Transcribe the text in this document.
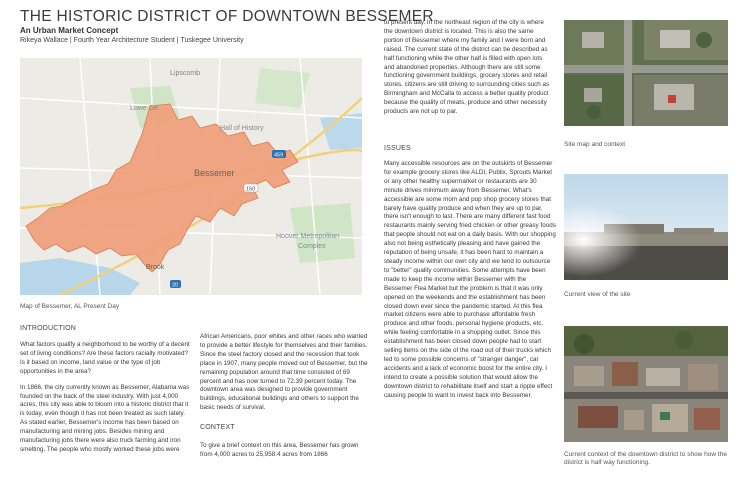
THE HISTORIC DISTRICT OF DOWNTOWN BESSEMER
An Urban Market Concept
Rikeya Wallace | Fourth Year Architecture Student | Tuskegee University
Lipscomb
Lowe Ge
Hall of History
Bessemer
Hoover Metropolitan
Complex
Brook
150
459
20
Map of Bessemer, AL Present Day
INTRODUCTION

What factors qualify a neighborhood to be worthy of a decent set of living conditions? Are these factors racially motivated? Is it based on income, land value or the type of job opportunities in the area?

In 1866, the city currently known as Bessemer, Alabama was founded on the back of the steel industry. With just 4,000 acres, this city was able to bloom into a historic district that it is today, even though it has not been treated as such lately. As stated earlier, Bessemer's income has been based on manufacturing and mining jobs. Besides mining and manufacturing jobs there were also truck farming and iron smelting. The people who mostly worked these jobs were

African Americans, poor whites and other races who wanted to provide a better lifestyle for themselves and their families. Since the steel factory closed and the recession that took place in 1907, many people moved out of Bessemer, but the remaining population around that time consisted of 69 percent and has now turned to 72.39 percent today. The downtown area was designed to provide government buildings, educational buildings and others to support the basic needs of survival.

CONTEXT

To give a brief context on this area, Bessemer has grown from 4,000 acres to 25,958.4 acres from 1866

to present day. In the northeast region of the city is where the downtown district is located. This is also the same portion of Bessemer where my family and I were born and raised. The current state of the district can be described as half functioning while the other half is filled with open lots and abandoned properties. Although there are still some functioning government buildings, grocery stores and retail stores, citizens are still driving to surrounding cities such as Birmingham and McCalla to access a better quality product because the quality of meats, produce and other necessity products are not up to par.

ISSUES

Many accessible resources are on the outskirts of Bessemer for example grocery stores like ALDI, Publix, Sprouts Market or any other healthy supermarket or restaurants are 30 minute drives minimum away from Bessemer. What's accessible are some mom and pop shop grocery stores that barely have quality produce and when they are up to par, there isn't enough to last. There are many different fast food restaurants mainly serving fried chicken or other greasy foods that people should not eat on a daily basis. With our shopping also not being esthetically pleasing and have gained the reputation of being unsafe, it has been hard to maintain a steady income within our own city and we tend to outsource to "better" quality communities. Some attempts have been made to keep the income within Bessemer with the Bessemer Flea Market but the problem is that it was only opened on the weekends and the establishment has been closed down ever since the pandemic started. At this flea market citizens were able to purchase affordable fresh produce and other foods, personal hygiene products, etc. while feeling comfortable in a shopping outlet. Since this establishment has been closed down people had to start selling items on the side of the road out of their trucks which led to some possible concerns of "stranger danger", car accidents and a lack of economic boost for the entire city. I intend to create a possible solution that would allow the downtown district to rehabilitate itself and start a ripple effect causing people to want to invest back into Bessemer.

Site map and context
Current view of the site
Current context of the downtown district to show how the district is half way functioning.
